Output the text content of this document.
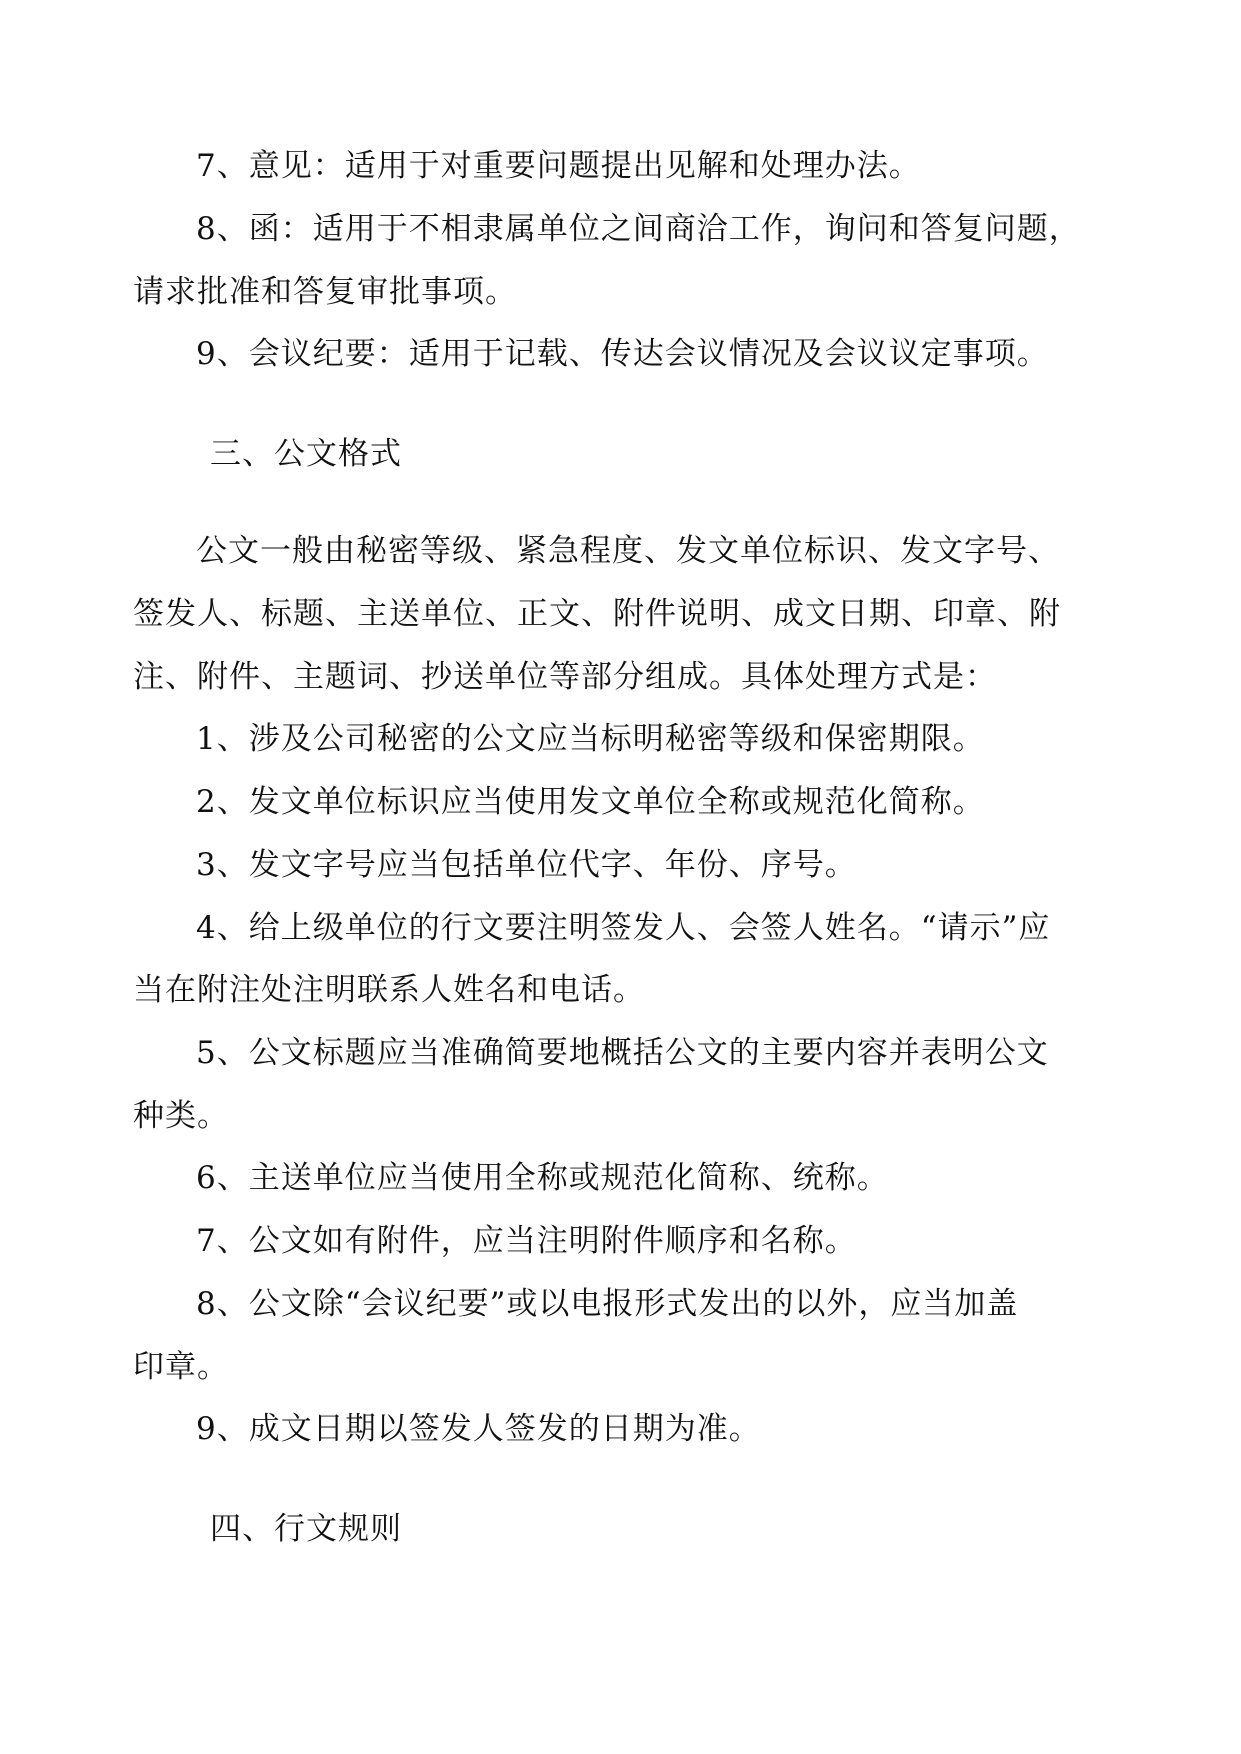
7、意见：适用于对重要问题提出见解和处理办法。
8、函：适用于不相隶属单位之间商洽工作，询问和答复问题，
请求批准和答复审批事项。
9、会议纪要：适用于记载、传达会议情况及会议议定事项。
三、公文格式
公文一般由秘密等级、紧急程度、发文单位标识、发文字号、
签发人、标题、主送单位、正文、附件说明、成文日期、印章、附
注、附件、主题词、抄送单位等部分组成。具体处理方式是：
1、涉及公司秘密的公文应当标明秘密等级和保密期限。
2、发文单位标识应当使用发文单位全称或规范化简称。
3、发文字号应当包括单位代字、年份、序号。
4、给上级单位的行文要注明签发人、会签人姓名。“请示”应
当在附注处注明联系人姓名和电话。
5、公文标题应当准确简要地概括公文的主要内容并表明公文
种类。
6、主送单位应当使用全称或规范化简称、统称。
7、公文如有附件，应当注明附件顺序和名称。
8、公文除“会议纪要”或以电报形式发出的以外，应当加盖
印章。
9、成文日期以签发人签发的日期为准。
四、行文规则
